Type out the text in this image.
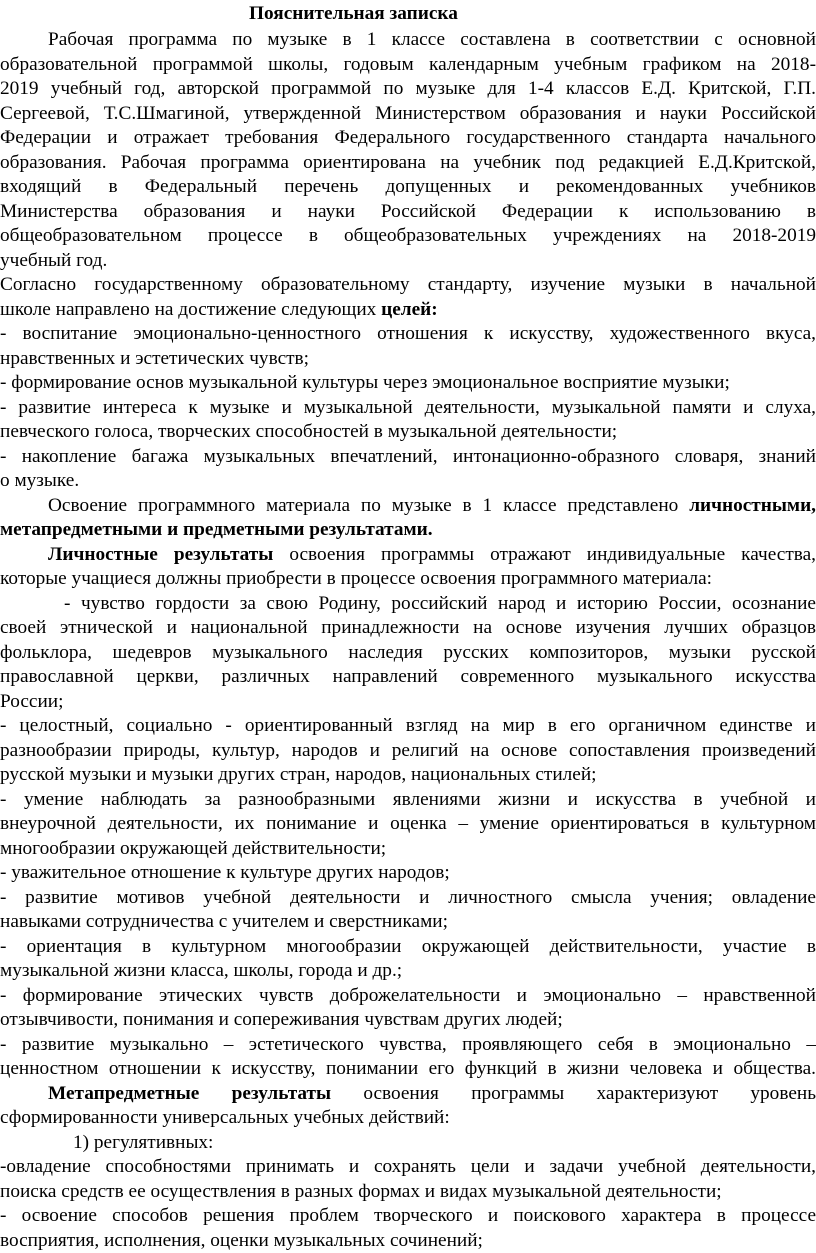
Пояснительная записка
Рабочая программа по музыке в 1 классе составлена в соответствии с основной
образовательной программой школы, годовым календарным учебным графиком на 2018-
2019 учебный год, авторской программой по музыке для 1-4 классов Е.Д. Критской, Г.П.
Сергеевой, Т.С.Шмагиной, утвержденной Министерством образования и науки Российской
Федерации и отражает требования Федерального государственного стандарта начального
образования. Рабочая программа ориентирована на учебник под редакцией Е.Д.Критской,
входящий в Федеральный перечень допущенных и рекомендованных учебников
Министерства образования и науки Российской Федерации к использованию в
общеобразовательном процессе в общеобразовательных учреждениях на 2018-2019
учебный год.
Согласно государственному образовательному стандарту, изучение музыки в начальной
школе направлено на достижение следующих целей:
- воспитание эмоционально-ценностного отношения к искусству, художественного вкуса,
нравственных и эстетических чувств;
- формирование основ музыкальной культуры через эмоциональное восприятие музыки;
- развитие интереса к музыке и музыкальной деятельности, музыкальной памяти и слуха,
певческого голоса, творческих способностей в музыкальной деятельности;
- накопление багажа музыкальных впечатлений, интонационно-образного словаря, знаний
о музыке.
Освоение программного материала по музыке в 1 классе представлено личностными,
метапредметными и предметными результатами.
Личностные результаты освоения программы отражают индивидуальные качества,
которые учащиеся должны приобрести в процессе освоения программного материала:
- чувство гордости за свою Родину, российский народ и историю России, осознание
своей этнической и национальной принадлежности на основе изучения лучших образцов
фольклора, шедевров музыкального наследия русских композиторов, музыки русской
православной церкви, различных направлений современного музыкального искусства
России;
- целостный, социально - ориентированный взгляд на мир в его органичном единстве и
разнообразии природы, культур, народов и религий на основе сопоставления произведений
русской музыки и музыки других стран, народов, национальных стилей;
- умение наблюдать за разнообразными явлениями жизни и искусства в учебной и
внеурочной деятельности, их понимание и оценка – умение ориентироваться в культурном
многообразии окружающей действительности;
- уважительное отношение к культуре других народов;
- развитие мотивов учебной деятельности и личностного смысла учения; овладение
навыками сотрудничества с учителем и сверстниками;
- ориентация в культурном многообразии окружающей действительности, участие в
музыкальной жизни класса, школы, города и др.;
- формирование этических чувств доброжелательности и эмоционально – нравственной
отзывчивости, понимания и сопереживания чувствам других людей;
- развитие музыкально – эстетического чувства, проявляющего себя в эмоционально –
ценностном отношении к искусству, понимании его функций в жизни человека и общества.
Метапредметные результаты освоения программы характеризуют уровень
сформированности универсальных учебных действий:
1) регулятивных:
-овладение способностями принимать и сохранять цели и задачи учебной деятельности,
поиска средств ее осуществления в разных формах и видах музыкальной деятельности;
- освоение способов решения проблем творческого и поискового характера в процессе
восприятия, исполнения, оценки музыкальных сочинений;
